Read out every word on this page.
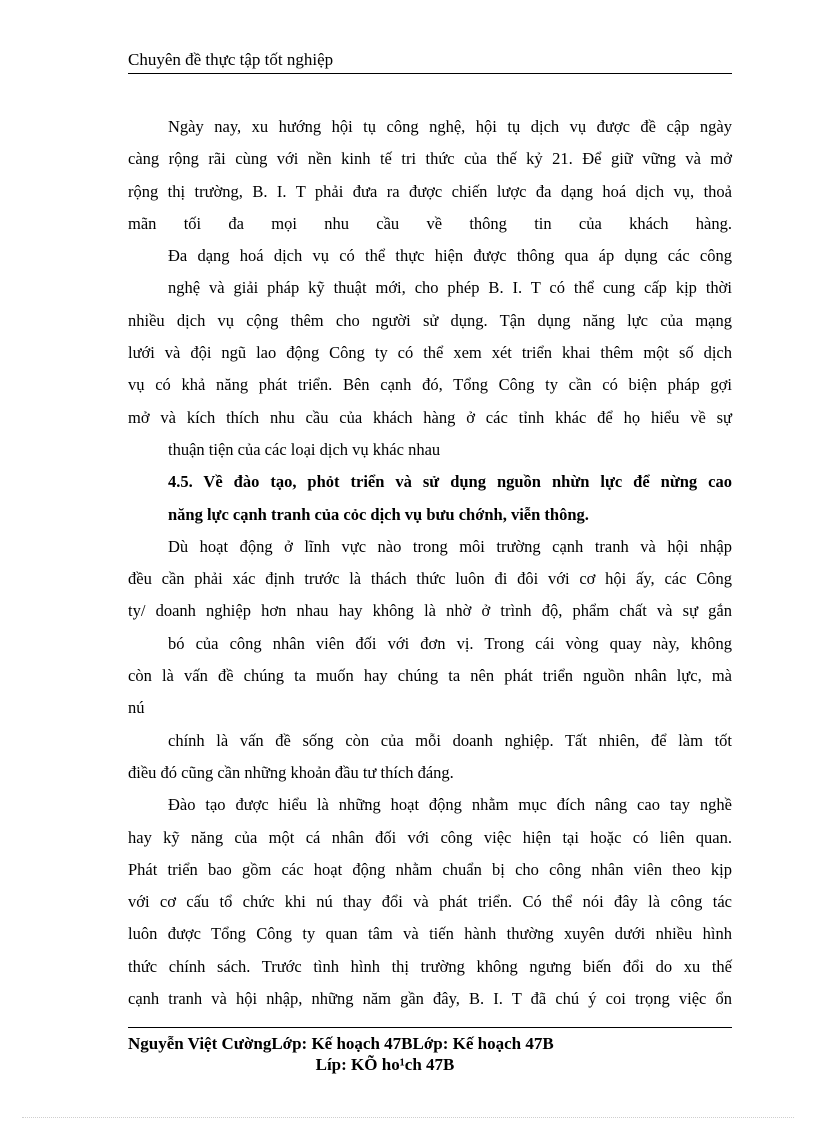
Chuyên đề thực tập tốt nghiệp
Ngày nay, xu hướng hội tụ công nghệ, hội tụ dịch vụ được đề cập ngày
càng rộng rãi cùng với nền kinh tế tri thức của thế kỷ 21. Để giữ vững và mở
rộng thị trường, B. I. T phải đưa ra được chiến lược đa dạng hoá dịch vụ, thoả
mãn tối đa mọi nhu cầu về thông tin của khách hàng.
Đa dạng hoá dịch vụ có thể thực hiện được thông qua áp dụng các công
nghệ và giải pháp kỹ thuật mới, cho phép B. I. T có thể cung cấp kịp thời
nhiều dịch vụ cộng thêm cho người sử dụng. Tận dụng năng lực của mạng
lưới và đội ngũ lao động Công ty có thể xem xét triển khai thêm một số dịch
vụ có khả năng phát triển. Bên cạnh đó, Tổng Công ty cần có biện pháp gợi
mở và kích thích nhu cầu của khách hàng ở các tỉnh khác để họ hiểu về sự
thuận tiện của các loại dịch vụ khác nhau
4.5. Về đào tạo, phỏt triển và sử dụng nguồn nhừn lực để nừng cao
năng lực cạnh tranh của cỏc dịch vụ bưu chớnh, viễn thông.
Dù hoạt động ở lĩnh vực nào trong môi trường cạnh tranh và hội nhập
đều cần phải xác định trước là thách thức luôn đi đôi với cơ hội ấy, các Công
ty/ doanh nghiệp hơn nhau hay không là nhờ ở trình độ, phẩm chất và sự gắn
bó của công nhân viên đối với đơn vị. Trong cái vòng quay này, không
còn là vấn đề chúng ta muốn hay chúng ta nên phát triển nguồn nhân lực, mà
nú
chính là vấn đề sống còn của mỗi doanh nghiệp. Tất nhiên, để làm tốt
điều đó cũng cần những khoản đầu tư thích đáng.
Đào tạo được hiểu là những hoạt động nhằm mục đích nâng cao tay nghề
hay kỹ năng của một cá nhân đối với công việc hiện tại hoặc có liên quan.
Phát triển bao gồm các hoạt động nhằm chuẩn bị cho công nhân viên theo kịp
với cơ cấu tổ chức khi nú thay đổi và phát triển. Có thể nói đây là công tác
luôn được Tổng Công ty quan tâm và tiến hành thường xuyên dưới nhiều hình
thức chính sách. Trước tình hình thị trường không ngưng biến đổi do xu thế
cạnh tranh và hội nhập, những năm gần đây, B. I. T đã chú ý coi trọng việc ổn
Nguyễn Việt CườngLớp: Kế hoạch 47BLớp: Kế hoạch 47B
Líp: KÕ ho¹ch 47B
